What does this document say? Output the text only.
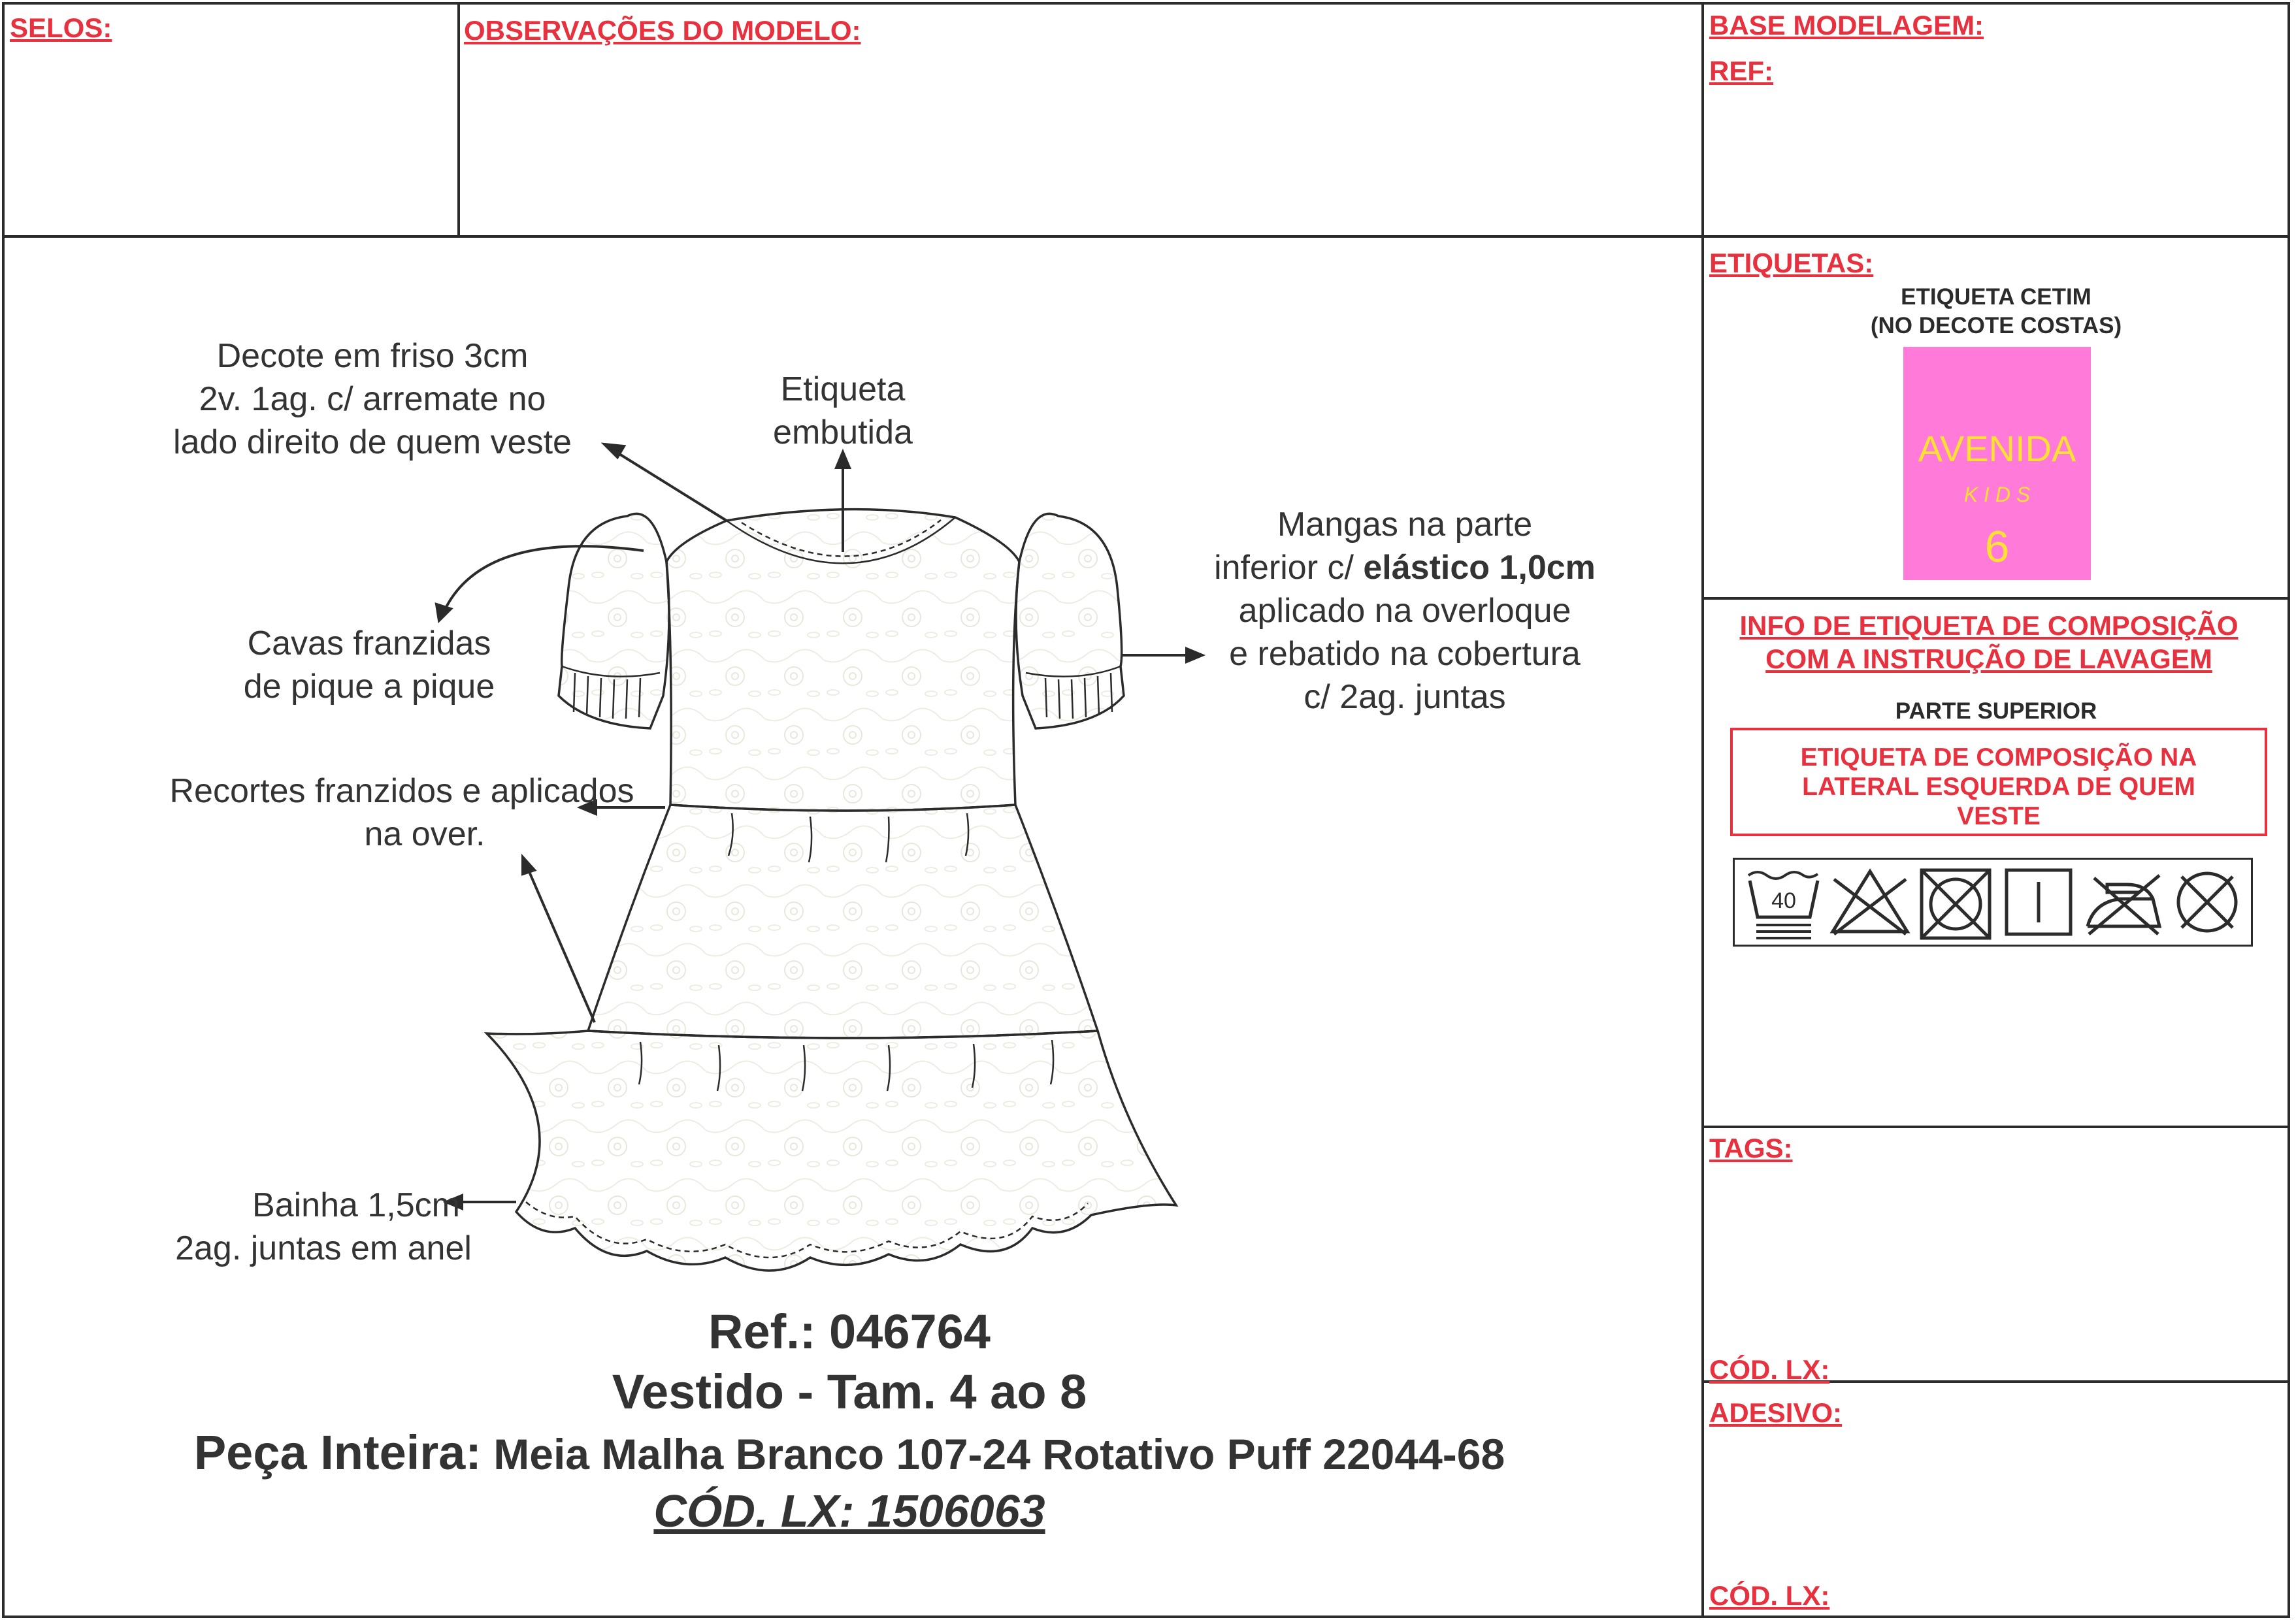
SELOS:	OBSERVAÇÕES DO MODELO:	BASE MODELAGEM:
REF:
ETIQUETAS:
ETIQUETA CETIM
(NO DECOTE COSTAS)
AVENIDA
K I D S
6
INFO DE ETIQUETA DE COMPOSIÇÃO
COM A INSTRUÇÃO DE LAVAGEM
PARTE SUPERIOR
ETIQUETA DE COMPOSIÇÃO NA
LATERAL ESQUERDA DE QUEM
VESTE
40
TAGS:
CÓD. LX:
ADESIVO:
CÓD. LX:
Decote em friso 3cm
2v. 1ag. c/ arremate no
lado direito de quem veste
Etiqueta
embutida
Mangas na parte
inferior c/ elástico 1,0cm
aplicado na overloque
e rebatido na cobertura
c/ 2ag. juntas
Cavas franzidas
de pique a pique
Recortes franzidos e aplicados
na over.
Bainha 1,5cm
2ag. juntas em anel
Ref.: 046764
Vestido - Tam. 4 ao 8
Peça Inteira: Meia Malha Branco 107-24 Rotativo Puff 22044-68
CÓD. LX: 1506063
